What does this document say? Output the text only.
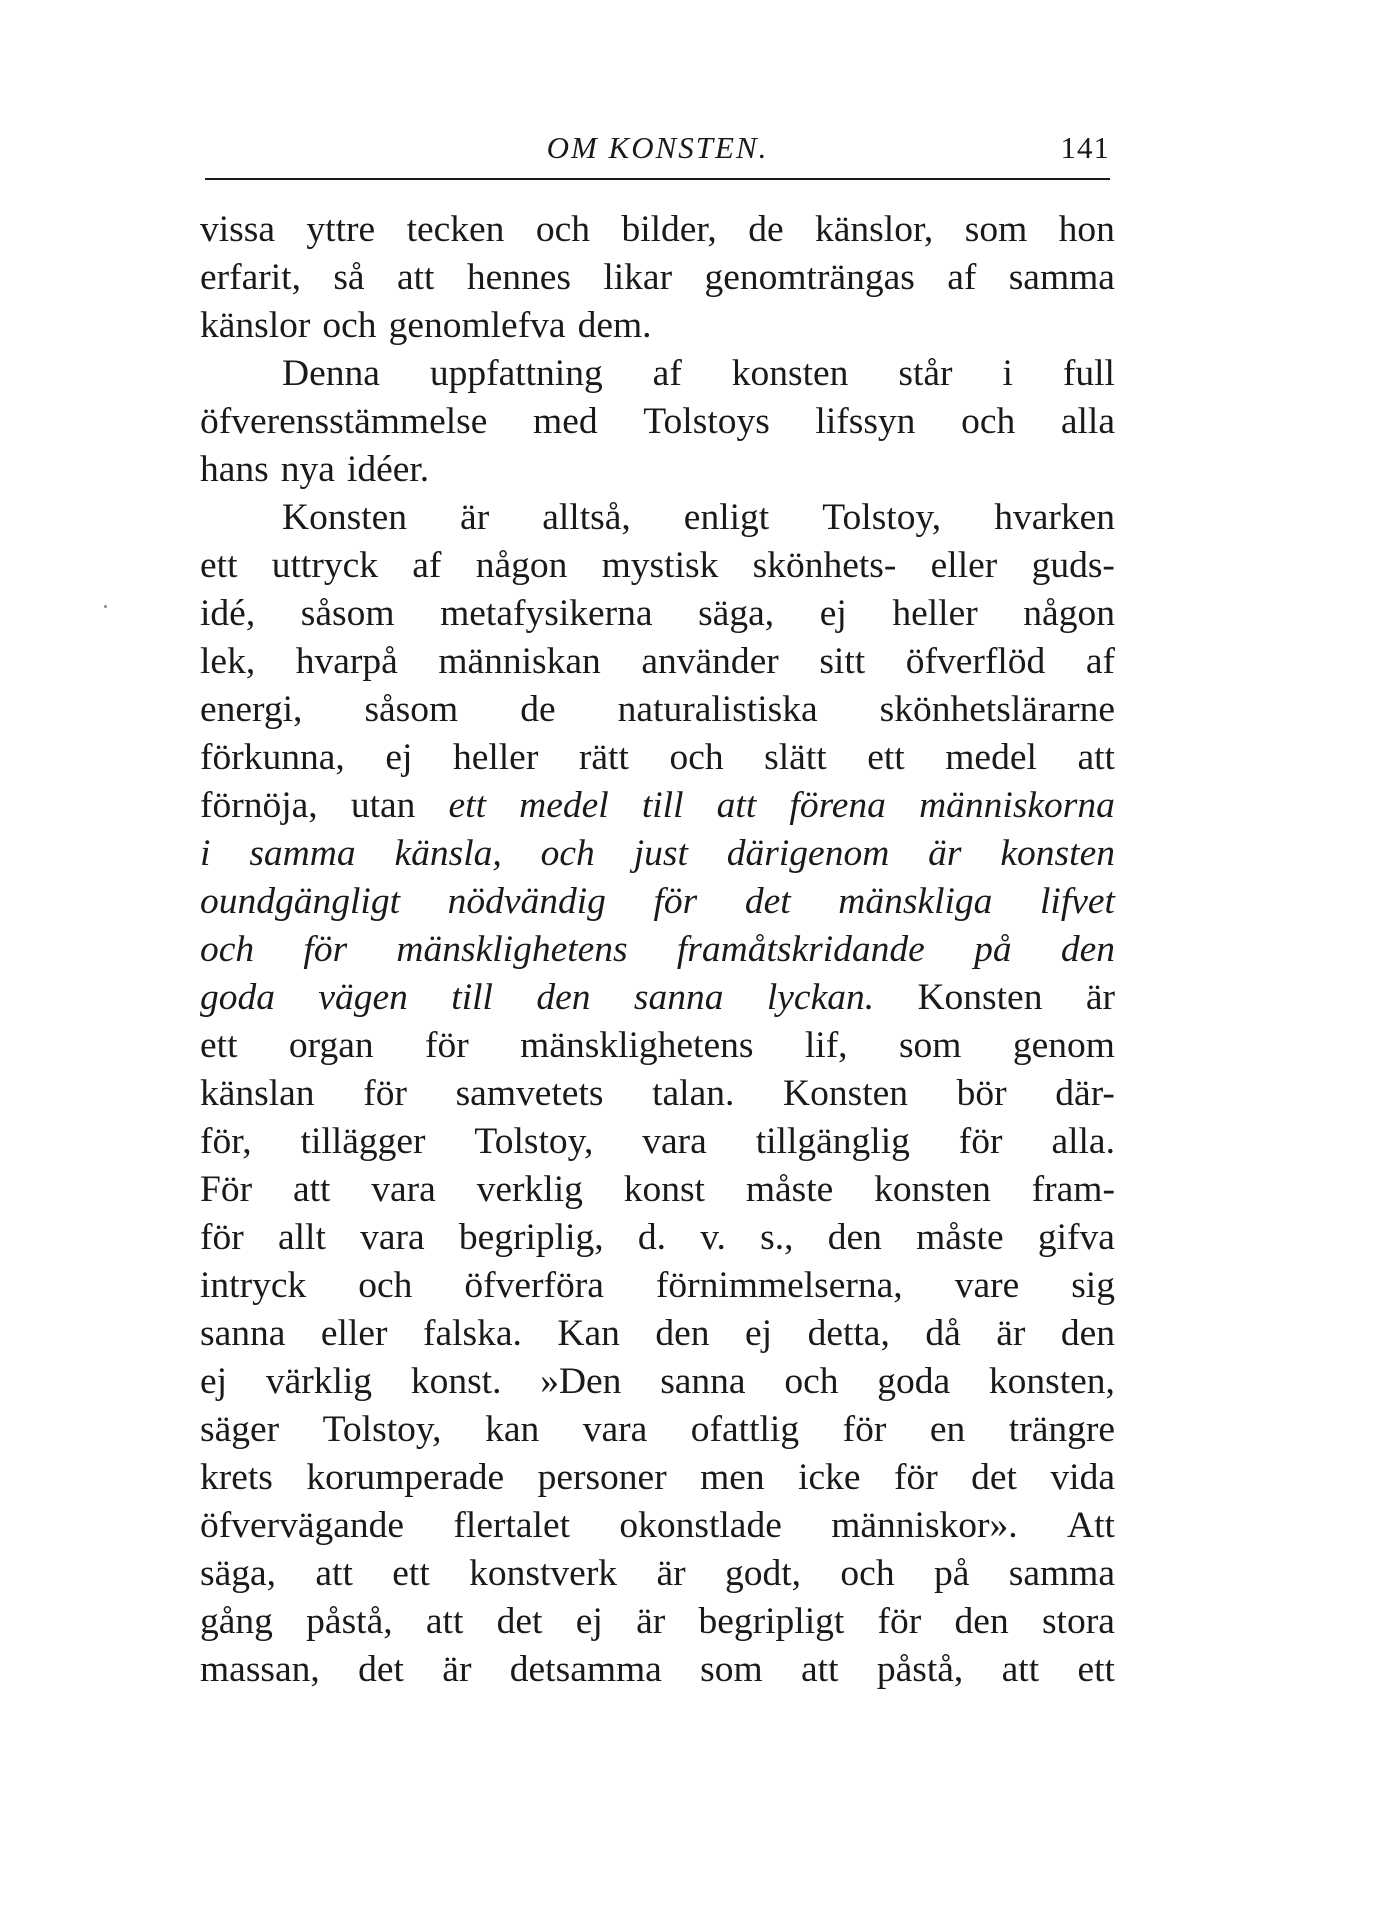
OM KONSTEN.	141
vissa yttre tecken och bilder, de känslor, som hon
erfarit, så att hennes likar genomträngas af samma
känslor och genomlefva dem.
Denna uppfattning af konsten står i full
öfverensstämmelse med Tolstoys lifssyn och alla
hans nya idéer.
Konsten är alltså, enligt Tolstoy, hvarken
ett uttryck af någon mystisk skönhets- eller guds-
idé, såsom metafysikerna säga, ej heller någon
lek, hvarpå människan använder sitt öfverflöd af
energi, såsom de naturalistiska skönhetslärarne
förkunna, ej heller rätt och slätt ett medel att
förnöja, utan ett medel till att förena människorna
i samma känsla, och just därigenom är konsten
oundgängligt nödvändig för det mänskliga lifvet
och för mänsklighetens framåtskridande på den
goda vägen till den sanna lyckan. Konsten är
ett organ för mänsklighetens lif, som genom
känslan för samvetets talan. Konsten bör där-
för, tillägger Tolstoy, vara tillgänglig för alla.
För att vara verklig konst måste konsten fram-
för allt vara begriplig, d. v. s., den måste gifva
intryck och öfverföra förnimmelserna, vare sig
sanna eller falska. Kan den ej detta, då är den
ej värklig konst. »Den sanna och goda konsten,
säger Tolstoy, kan vara ofattlig för en trängre
krets korumperade personer men icke för det vida
öfvervägande flertalet okonstlade människor». Att
säga, att ett konstverk är godt, och på samma
gång påstå, att det ej är begripligt för den stora
massan, det är detsamma som att påstå, att ett
